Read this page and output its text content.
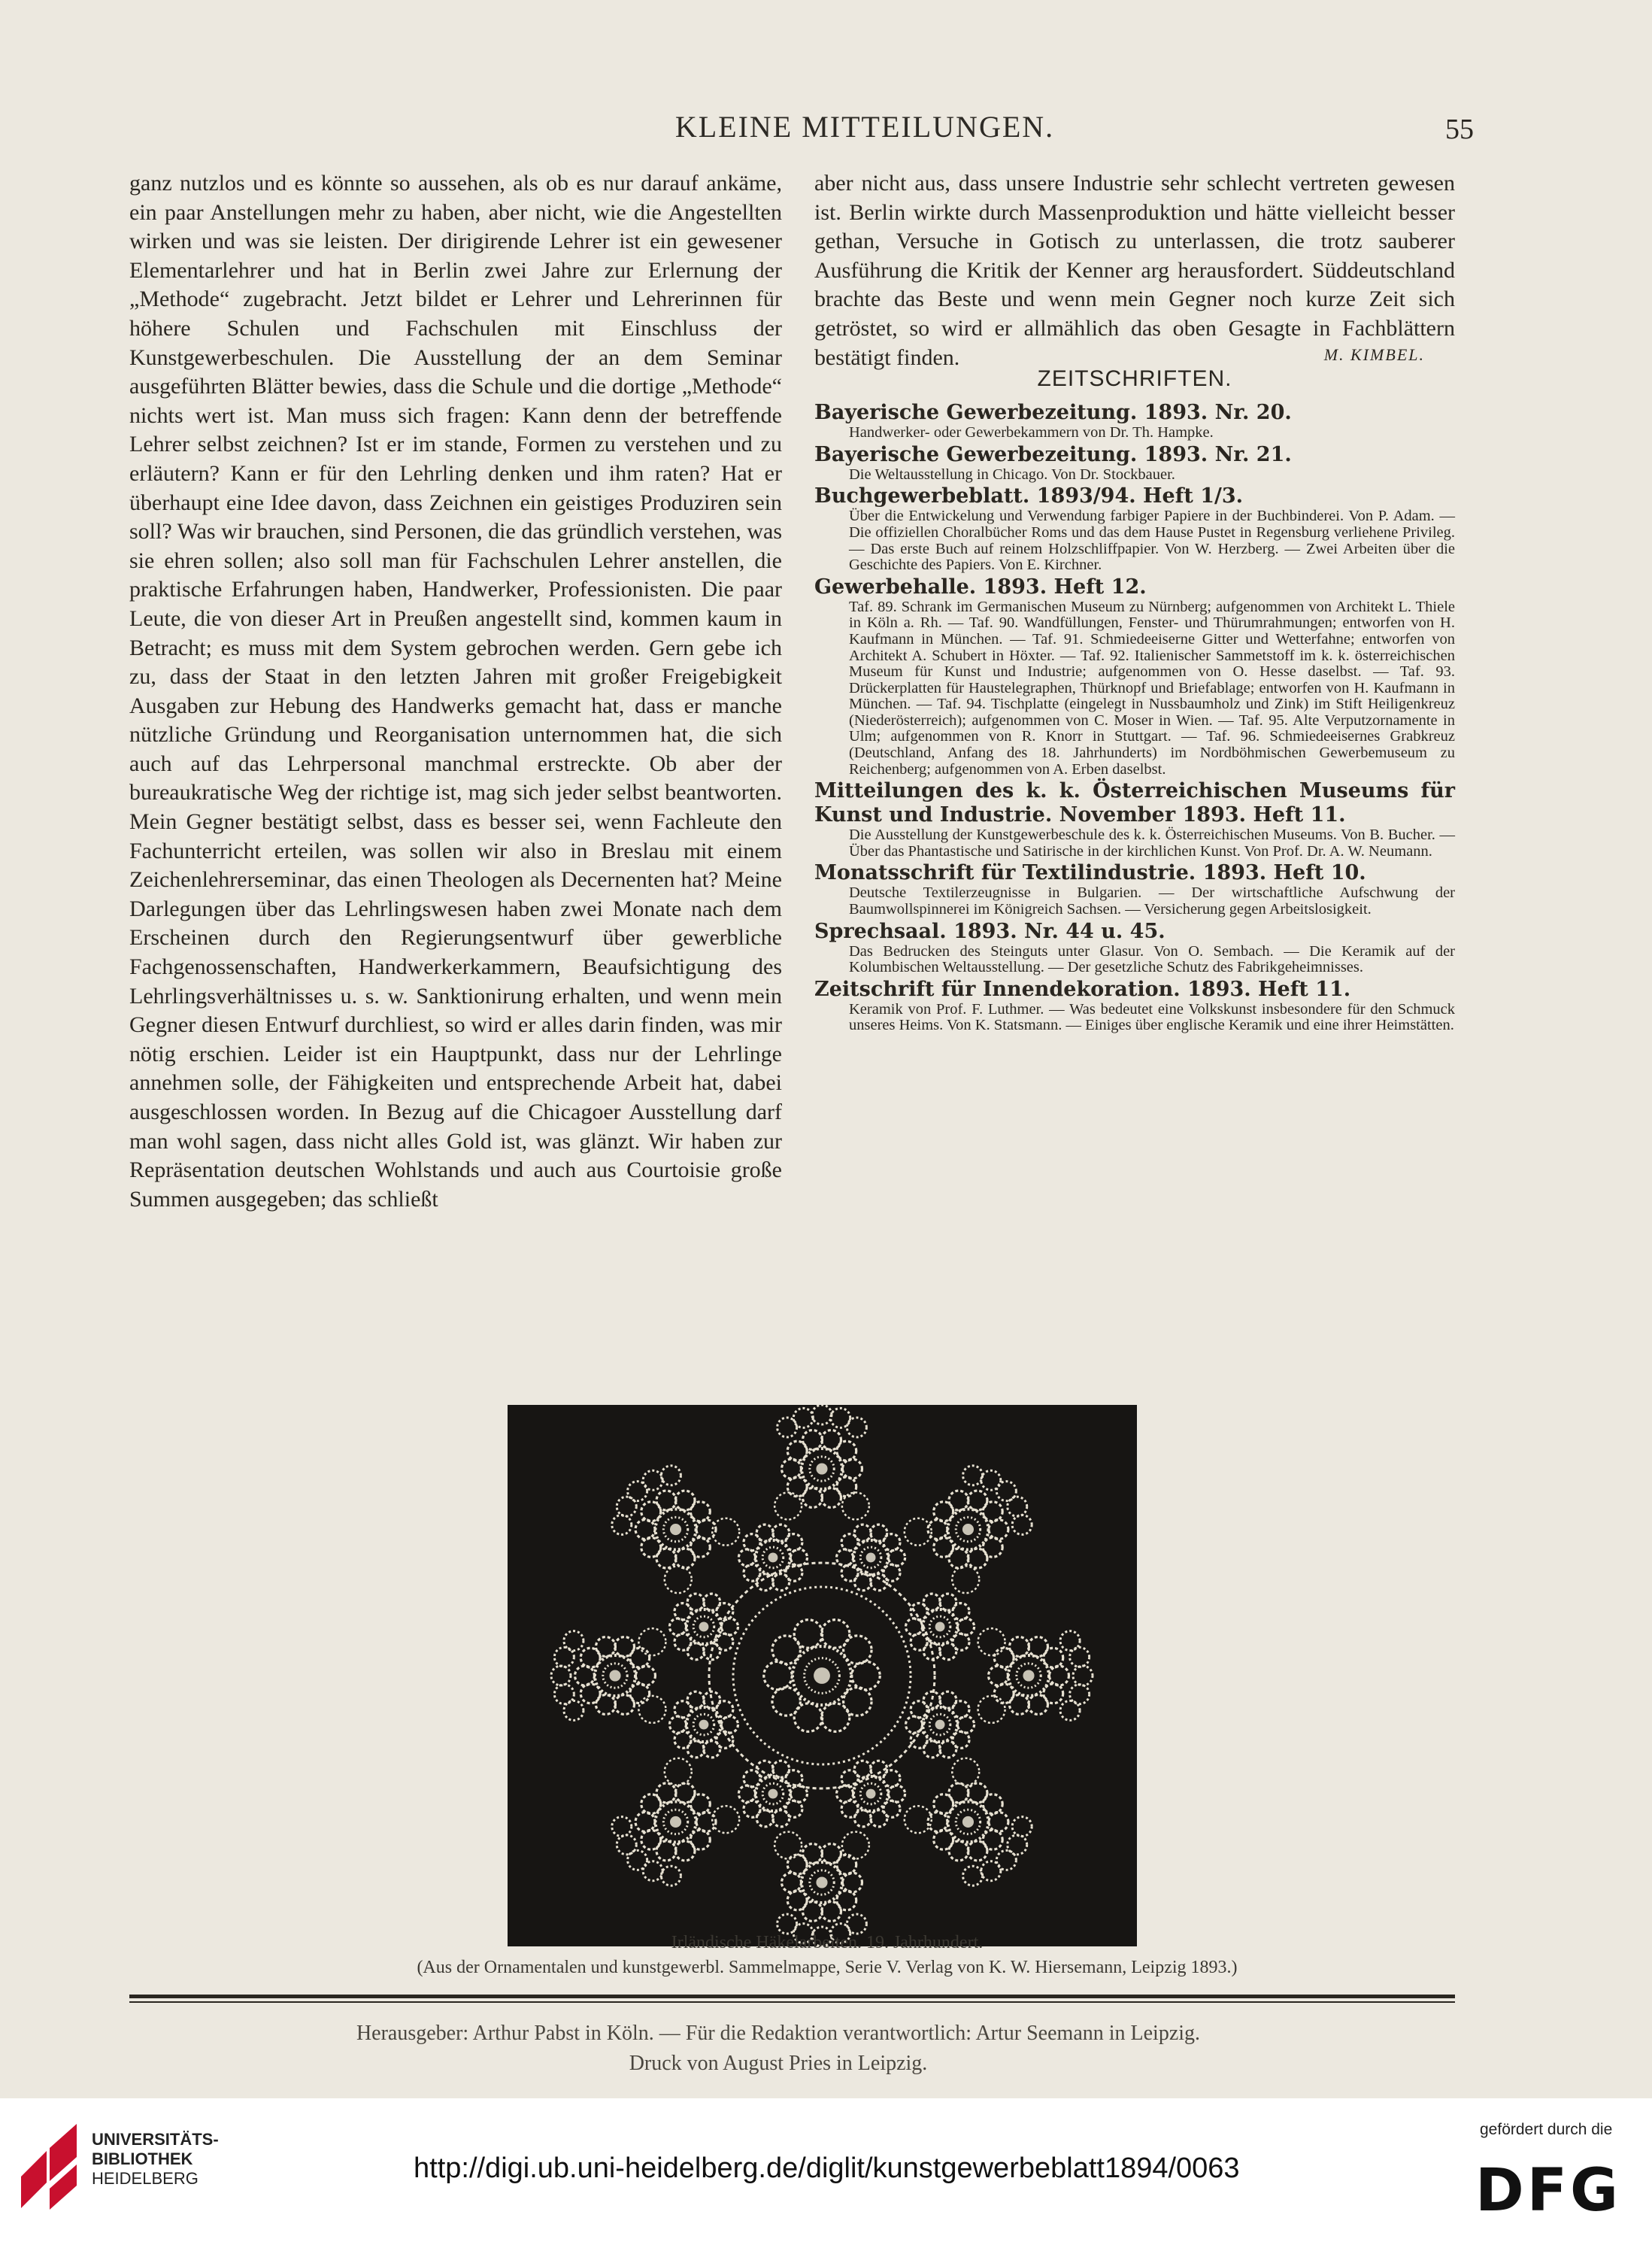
KLEINE MITTEILUNGEN.	55

ganz nutzlos und es könnte so aussehen, als ob es nur darauf ankäme, ein paar Anstellungen mehr zu haben, aber nicht, wie die Angestellten wirken und was sie leisten. Der dirigirende Lehrer ist ein gewesener Elementarlehrer und hat in Berlin zwei Jahre zur Erlernung der „Methode“ zugebracht. Jetzt bildet er Lehrer und Lehrerinnen für höhere Schulen und Fachschulen mit Einschluss der Kunstgewerbeschulen. Die Ausstellung der an dem Seminar ausgeführten Blätter bewies, dass die Schule und die dortige „Methode“ nichts wert ist. Man muss sich fragen: Kann denn der betreffende Lehrer selbst zeichnen? Ist er im stande, Formen zu verstehen und zu erläutern? Kann er für den Lehrling denken und ihm raten? Hat er überhaupt eine Idee davon, dass Zeichnen ein geistiges Produziren sein soll? Was wir brauchen, sind Personen, die das gründlich verstehen, was sie ehren sollen; also soll man für Fachschulen Lehrer anstellen, die praktische Erfahrungen haben, Handwerker, Professionisten. Die paar Leute, die von dieser Art in Preußen angestellt sind, kommen kaum in Betracht; es muss mit dem System gebrochen werden. Gern gebe ich zu, dass der Staat in den letzten Jahren mit großer Freigebigkeit Ausgaben zur Hebung des Handwerks gemacht hat, dass er manche nützliche Gründung und Reorganisation unternommen hat, die sich auch auf das Lehrpersonal manchmal erstreckte. Ob aber der bureaukratische Weg der richtige ist, mag sich jeder selbst beantworten. Mein Gegner bestätigt selbst, dass es besser sei, wenn Fachleute den Fachunterricht erteilen, was sollen wir also in Breslau mit einem Zeichenlehrerseminar, das einen Theologen als Decernenten hat? Meine Darlegungen über das Lehrlingswesen haben zwei Monate nach dem Erscheinen durch den Regierungsentwurf über gewerbliche Fachgenossenschaften, Handwerkerkammern, Beaufsichtigung des Lehrlingsverhältnisses u. s. w. Sanktionirung erhalten, und wenn mein Gegner diesen Entwurf durchliest, so wird er alles darin finden, was mir nötig erschien. Leider ist ein Hauptpunkt, dass nur der Lehrlinge annehmen solle, der Fähigkeiten und entsprechende Arbeit hat, dabei ausgeschlossen worden. In Bezug auf die Chicagoer Ausstellung darf man wohl sagen, dass nicht alles Gold ist, was glänzt. Wir haben zur Repräsentation deutschen Wohlstands und auch aus Courtoisie große Summen ausgegeben; das schließt

aber nicht aus, dass unsere Industrie sehr schlecht vertreten gewesen ist. Berlin wirkte durch Massenproduktion und hätte vielleicht besser gethan, Versuche in Gotisch zu unterlassen, die trotz sauberer Ausführung die Kritik der Kenner arg herausfordert. Süddeutschland brachte das Beste und wenn mein Gegner noch kurze Zeit sich getröstet, so wird er allmählich das oben Gesagte in Fachblättern bestätigt finden.	M. KIMBEL.
ZEITSCHRIFTEN.
Bayerische Gewerbezeitung. 1893. Nr. 20.
Handwerker- oder Gewerbekammern von Dr. Th. Hampke.
Bayerische Gewerbezeitung. 1893. Nr. 21.
Die Weltausstellung in Chicago. Von Dr. Stockbauer.
Buchgewerbeblatt. 1893/94. Heft 1/3.
Über die Entwickelung und Verwendung farbiger Papiere in der Buchbinderei. Von P. Adam. — Die offiziellen Choralbücher Roms und das dem Hause Pustet in Regensburg verliehene Privileg. — Das erste Buch auf reinem Holzschliffpapier. Von W. Herzberg. — Zwei Arbeiten über die Geschichte des Papiers. Von E. Kirchner.
Gewerbehalle. 1893. Heft 12.
Taf. 89. Schrank im Germanischen Museum zu Nürnberg; aufgenommen von Architekt L. Thiele in Köln a. Rh. — Taf. 90. Wandfüllungen, Fenster- und Thürumrahmungen; entworfen von H. Kaufmann in München. — Taf. 91. Schmiedeeiserne Gitter und Wetterfahne; entworfen von Architekt A. Schubert in Höxter. — Taf. 92. Italienischer Sammetstoff im k. k. österreichischen Museum für Kunst und Industrie; aufgenommen von O. Hesse daselbst. — Taf. 93. Drückerplatten für Haustelegraphen, Thürknopf und Briefablage; entworfen von H. Kaufmann in München. — Taf. 94. Tischplatte (eingelegt in Nussbaumholz und Zink) im Stift Heiligenkreuz (Niederösterreich); aufgenommen von C. Moser in Wien. — Taf. 95. Alte Verputzornamente in Ulm; aufgenommen von R. Knorr in Stuttgart. — Taf. 96. Schmiedeeisernes Grabkreuz (Deutschland, Anfang des 18. Jahrhunderts) im Nordböhmischen Gewerbemuseum zu Reichenberg; aufgenommen von A. Erben daselbst.
Mitteilungen des k. k. Österreichischen Museums für Kunst und Industrie. November 1893. Heft 11.
Die Ausstellung der Kunstgewerbeschule des k. k. Österreichischen Museums. Von B. Bucher. — Über das Phantastische und Satirische in der kirchlichen Kunst. Von Prof. Dr. A. W. Neumann.
Monatsschrift für Textilindustrie. 1893. Heft 10.
Deutsche Textilerzeugnisse in Bulgarien. — Der wirtschaftliche Aufschwung der Baumwollspinnerei im Königreich Sachsen. — Versicherung gegen Arbeitslosigkeit.
Sprechsaal. 1893. Nr. 44 u. 45.
Das Bedrucken des Steinguts unter Glasur. Von O. Sembach. — Die Keramik auf der Kolumbischen Weltausstellung. — Der gesetzliche Schutz des Fabrikgeheimnisses.
Zeitschrift für Innendekoration. 1893. Heft 11.
Keramik von Prof. F. Luthmer. — Was bedeutet eine Volkskunst insbesondere für den Schmuck unseres Heims. Von K. Statsmann. — Einiges über englische Keramik und eine ihrer Heimstätten.
Irländische Häkelarbeiten. 19. Jahrhundert.
(Aus der Ornamentalen und kunstgewerbl. Sammelmappe, Serie V. Verlag von K. W. Hiersemann, Leipzig 1893.)
Herausgeber: Arthur Pabst in Köln. — Für die Redaktion verantwortlich: Artur Seemann in Leipzig.
Druck von August Pries in Leipzig.
UNIVERSITÄTS-
BIBLIOTHEK
HEIDELBERG	http://digi.ub.uni-heidelberg.de/diglit/kunstgewerbeblatt1894/0063
gefördert durch die
DFG
